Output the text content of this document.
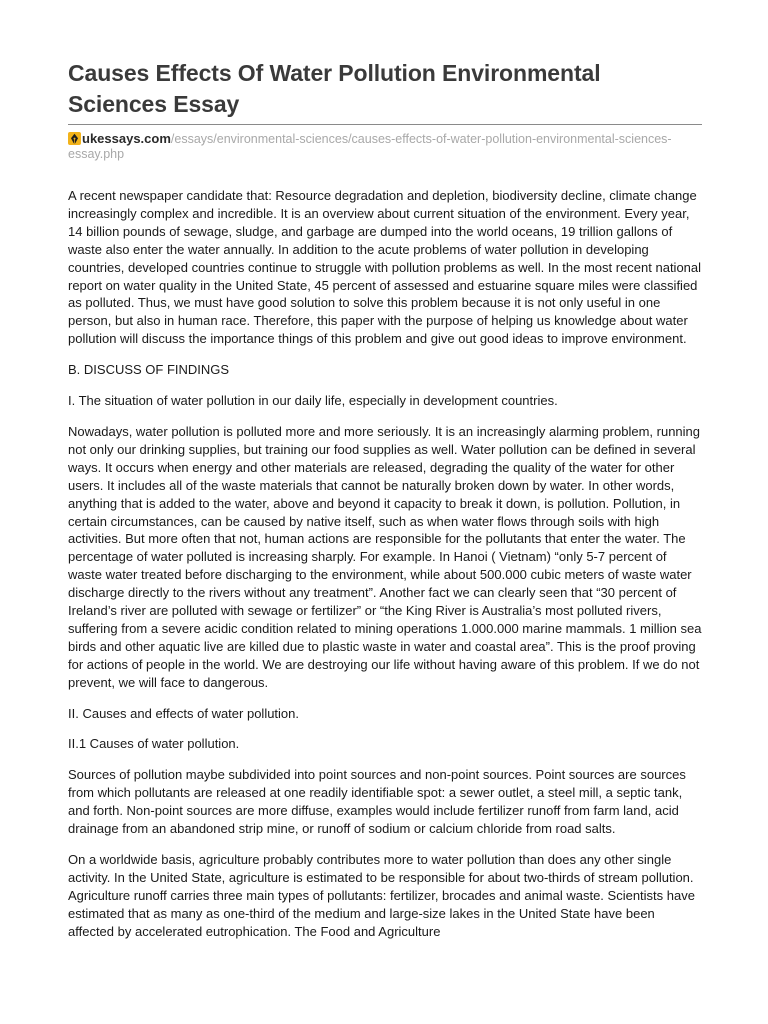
Causes Effects Of Water Pollution Environmental Sciences Essay
ukessays.com/essays/environmental-sciences/causes-effects-of-water-pollution-environmental-sciences-essay.php

A recent newspaper candidate that: Resource degradation and depletion, biodiversity decline, climate change increasingly complex and incredible. It is an overview about current situation of the environment. Every year, 14 billion pounds of sewage, sludge, and garbage are dumped into the world oceans, 19 trillion gallons of waste also enter the water annually. In addition to the acute problems of water pollution in developing countries, developed countries continue to struggle with pollution problems as well. In the most recent national report on water quality in the United State, 45 percent of assessed and estuarine square miles were classified as polluted. Thus, we must have good solution to solve this problem because it is not only useful in one person, but also in human race. Therefore, this paper with the purpose of helping us knowledge about water pollution will discuss the importance things of this problem and give out good ideas to improve environment.

B. DISCUSS OF FINDINGS

I. The situation of water pollution in our daily life, especially in development countries.

Nowadays, water pollution is polluted more and more seriously. It is an increasingly alarming problem, running not only our drinking supplies, but training our food supplies as well. Water pollution can be defined in several ways. It occurs when energy and other materials are released, degrading the quality of the water for other users. It includes all of the waste materials that cannot be naturally broken down by water. In other words, anything that is added to the water, above and beyond it capacity to break it down, is pollution. Pollution, in certain circumstances, can be caused by native itself, such as when water flows through soils with high activities. But more often that not, human actions are responsible for the pollutants that enter the water. The percentage of water polluted is increasing sharply. For example. In Hanoi ( Vietnam) “only 5-7 percent of waste water treated before discharging to the environment, while about 500.000 cubic meters of waste water discharge directly to the rivers without any treatment”. Another fact we can clearly seen that “30 percent of Ireland’s river are polluted with sewage or fertilizer” or “the King River is Australia’s most polluted rivers, suffering from a severe acidic condition related to mining operations 1.000.000 marine mammals. 1 million sea birds and other aquatic live are killed due to plastic waste in water and coastal area”. This is the proof proving for actions of people in the world. We are destroying our life without having aware of this problem. If we do not prevent, we will face to dangerous.

II. Causes and effects of water pollution.

II.1 Causes of water pollution.

Sources of pollution maybe subdivided into point sources and non-point sources. Point sources are sources from which pollutants are released at one readily identifiable spot: a sewer outlet, a steel mill, a septic tank, and forth. Non-point sources are more diffuse, examples would include fertilizer runoff from farm land, acid drainage from an abandoned strip mine, or runoff of sodium or calcium chloride from road salts.

On a worldwide basis, agriculture probably contributes more to water pollution than does any other single activity. In the United State, agriculture is estimated to be responsible for about two-thirds of stream pollution. Agriculture runoff carries three main types of pollutants: fertilizer, brocades and animal waste. Scientists have estimated that as many as one-third of the medium and large-size lakes in the United State have been affected by accelerated eutrophication. The Food and Agriculture
